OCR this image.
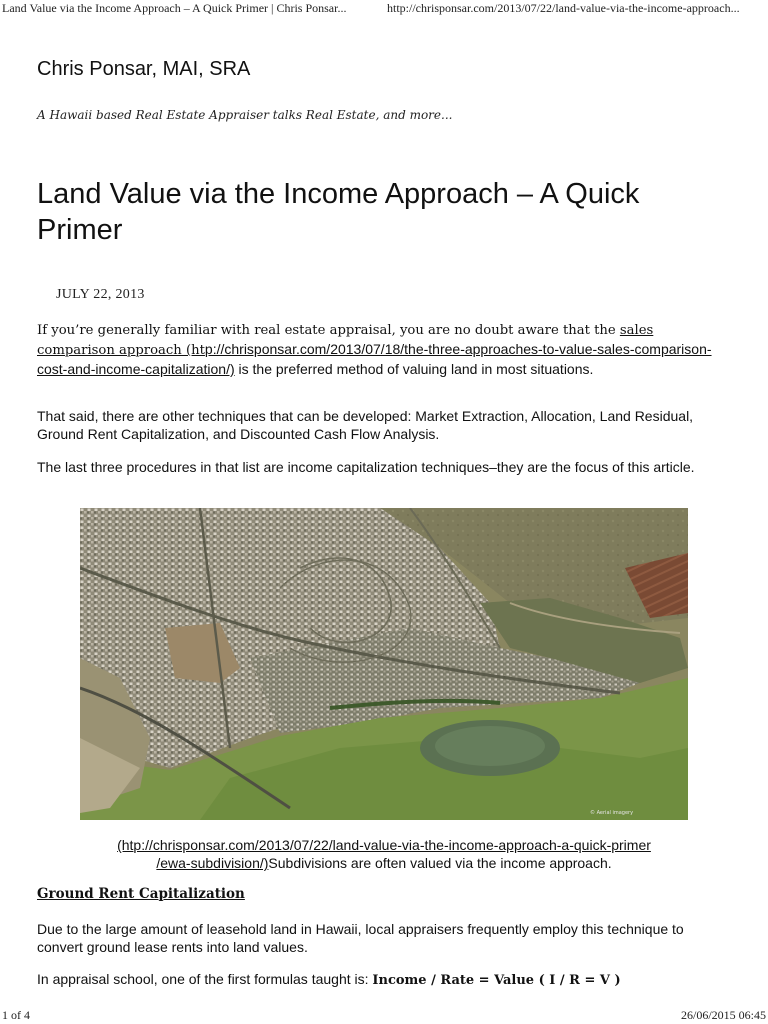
Land Value via the Income Approach – A Quick Primer | Chris Ponsar...	http://chrisponsar.com/2013/07/22/land-value-via-the-income-approach...
Chris Ponsar, MAI, SRA
A Hawaii based Real Estate Appraiser talks Real Estate, and more...
Land Value via the Income Approach – A Quick Primer
JULY 22, 2013

If you’re generally familiar with real estate appraisal, you are no doubt aware that the sales comparison approach (htp://chrisponsar.com/2013/07/18/the-three-approaches-to-value-sales-comparison-cost-and-income-capitalization/) is the preferred method of valuing land in most situations.

That said, there are other techniques that can be developed: Market Extraction, Allocation, Land Residual, Ground Rent Capitalization, and Discounted Cash Flow Analysis.

The last three procedures in that list are income capitalization techniques–they are the focus of this article.

© Aerial imagery
(htp://chrisponsar.com/2013/07/22/land-value-via-the-income-approach-a-quick-primer
/ewa-subdivision/)Subdivisions are often valued via the income approach.
Ground Rent Capitalization

Due to the large amount of leasehold land in Hawaii, local appraisers frequently employ this technique to convert ground lease rents into land values.

In appraisal school, one of the first formulas taught is: Income / Rate = Value ( I / R = V )

1 of 4	26/06/2015 06:45
